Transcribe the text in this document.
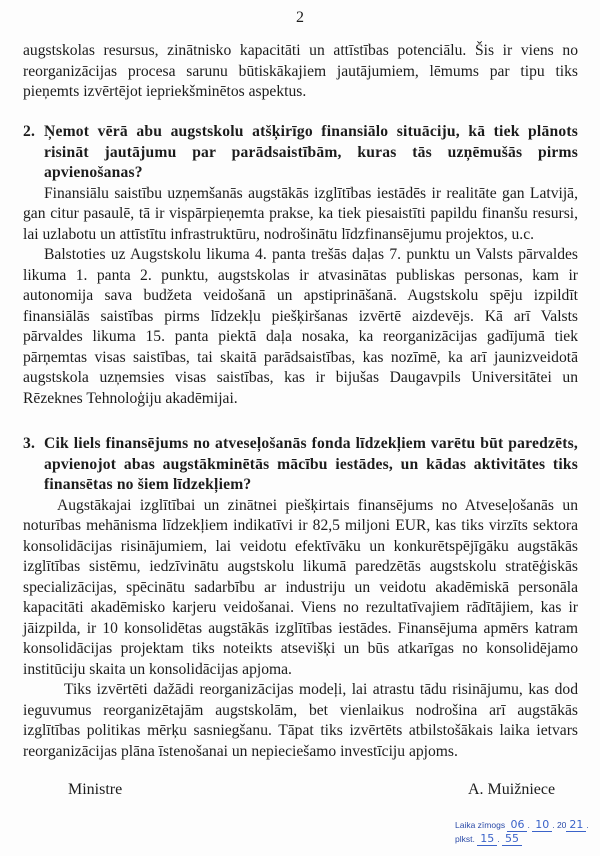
2

augstskolas resursus, zinātnisko kapacitāti un attīstības potenciālu. Šis ir viens no reorganizācijas procesa sarunu būtiskākajiem jautājumiem, lēmums par tipu tiks pieņemts izvērtējot iepriekšminētos aspektus.

2. Ņemot vērā abu augstskolu atšķirīgo finansiālo situāciju, kā tiek plānots risināt jautājumu par parādsaistībām, kuras tās uzņēmušās pirms apvienošanas?

Finansiālu saistību uzņemšanās augstākās izglītības iestādēs ir realitāte gan Latvijā, gan citur pasaulē, tā ir vispārpieņemta prakse, ka tiek piesaistīti papildu finanšu resursi, lai uzlabotu un attīstītu infrastruktūru, nodrošinātu līdzfinansējumu projektos, u.c.

Balstoties uz Augstskolu likuma 4. panta trešās daļas 7. punktu un Valsts pārvaldes likuma 1. panta 2. punktu, augstskolas ir atvasinātas publiskas personas, kam ir autonomija sava budžeta veidošanā un apstiprināšanā. Augstskolu spēju izpildīt finansiālās saistības pirms līdzekļu piešķiršanas izvērtē aizdevējs. Kā arī Valsts pārvaldes likuma 15. panta piektā daļa nosaka, ka reorganizācijas gadījumā tiek pārņemtas visas saistības, tai skaitā parādsaistības, kas nozīmē, ka arī jaunizveidotā augstskola uzņemsies visas saistības, kas ir bijušas Daugavpils Universitātei un Rēzeknes Tehnoloģiju akadēmijai.

3. Cik liels finansējums no atveseļošanās fonda līdzekļiem varētu būt paredzēts, apvienojot abas augstākminētās mācību iestādes, un kādas aktivitātes tiks finansētas no šiem līdzekļiem?

Augstākajai izglītībai un zinātnei piešķirtais finansējums no Atveseļošanās un noturības mehānisma līdzekļiem indikatīvi ir 82,5 miljoni EUR, kas tiks virzīts sektora konsolidācijas risinājumiem, lai veidotu efektīvāku un konkurētspējīgāku augstākās izglītības sistēmu, iedzīvinātu augstskolu likumā paredzētās augstskolu stratēģiskās specializācijas, spēcinātu sadarbību ar industriju un veidotu akadēmiskā personāla kapacitāti akadēmisko karjeru veidošanai. Viens no rezultatīvajiem rādītājiem, kas ir jāizpilda, ir 10 konsolidētas augstākās izglītības iestādes. Finansējuma apmērs katram konsolidācijas projektam tiks noteikts atsevišķi un būs atkarīgas no konsolidējamo institūciju skaita un konsolidācijas apjoma.

Tiks izvērtēti dažādi reorganizācijas modeļi, lai atrastu tādu risinājumu, kas dod ieguvumus reorganizētajām augstskolām, bet vienlaikus nodrošina arī augstākās izglītības politikas mērķu sasniegšanu. Tāpat tiks izvērtēts atbilstošākais laika ietvars reorganizācijas plāna īstenošanai un nepieciešamo investīciju apjoms.

Ministre	A. Muižniece
Laika zīmogs 06 . 10 . 20 21 .
plkst. 15 . 55
